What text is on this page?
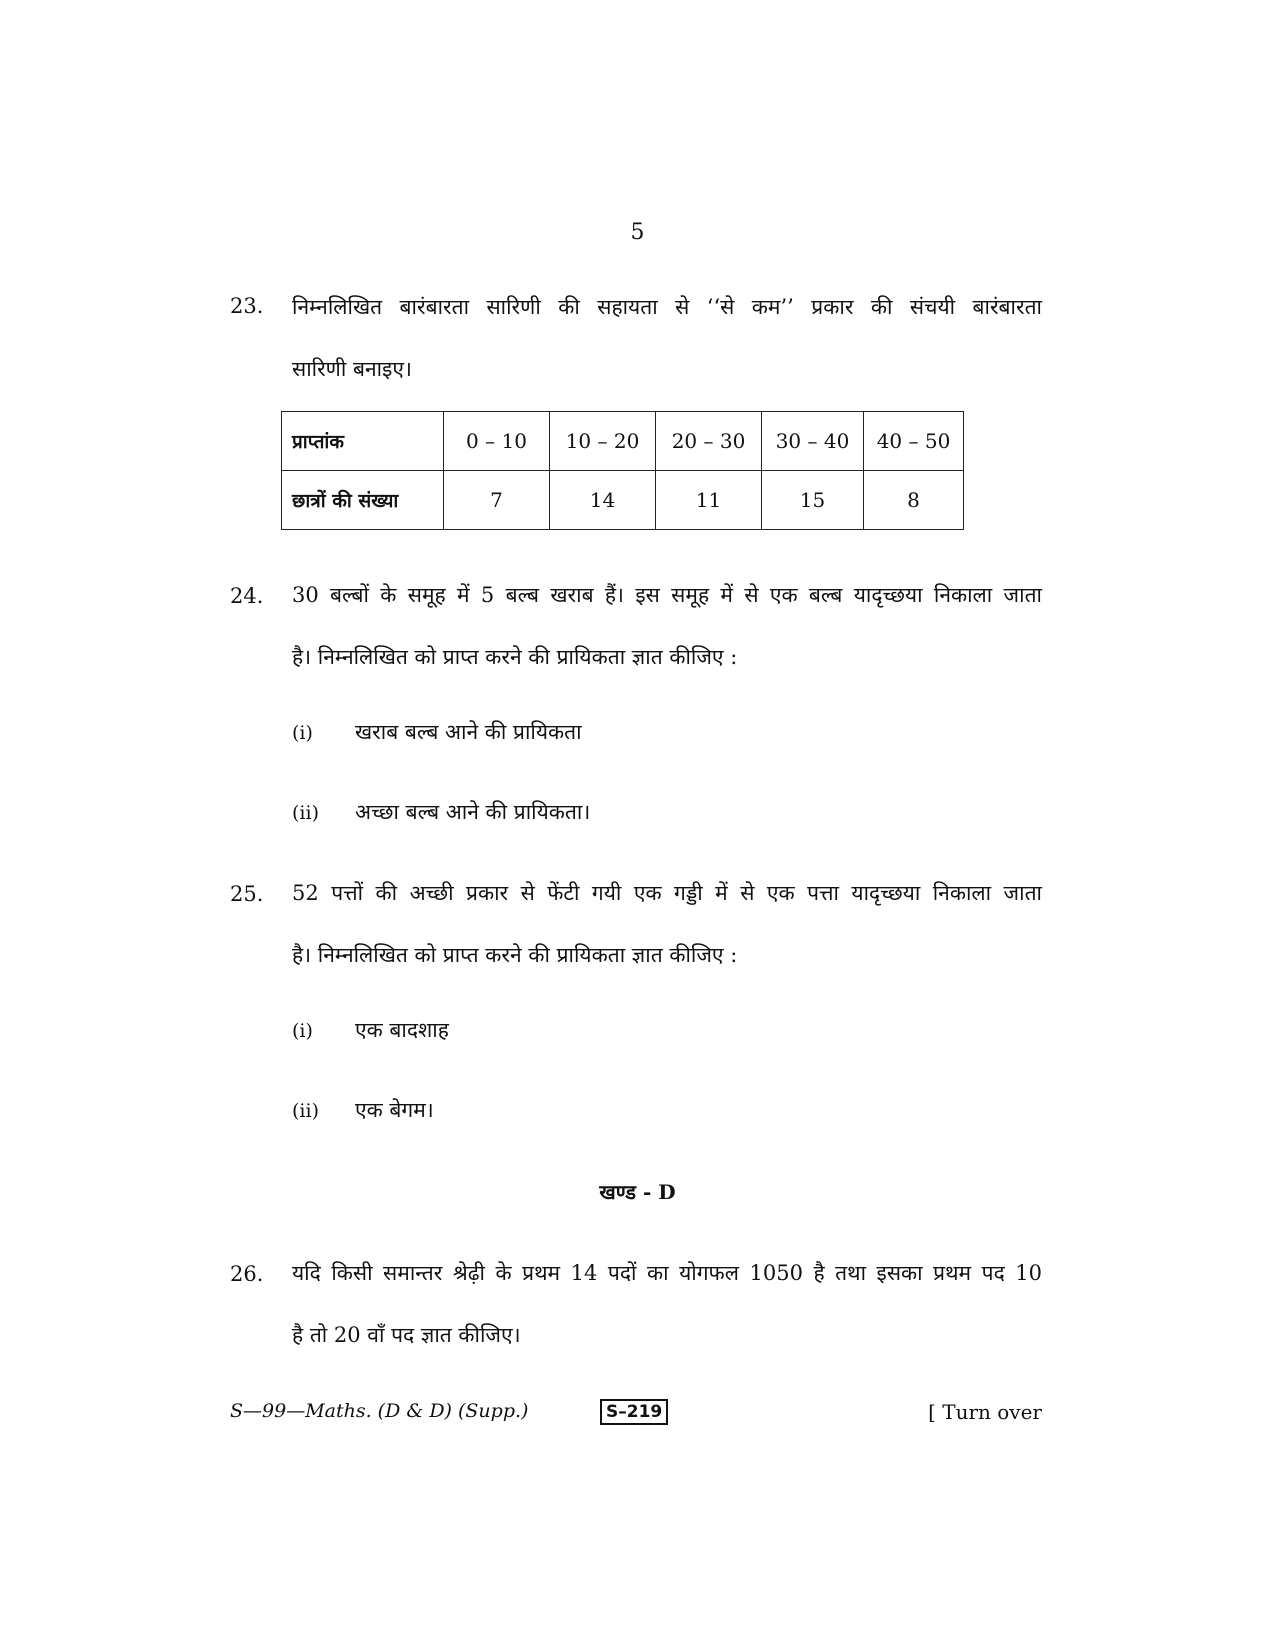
5
23.	निम्नलिखित बारंबारता सारिणी की सहायता से ‘‘से कम’’ प्रकार की संचयी बारंबारता
सारिणी बनाइए।
प्राप्तांक	0 – 10	10 – 20	20 – 30	30 – 40	40 – 50
छात्रों की संख्या	7	14	11	15	8
24.	30 बल्बों के समूह में 5 बल्ब खराब हैं। इस समूह में से एक बल्ब यादृच्छया निकाला जाता
है। निम्नलिखित को प्राप्त करने की प्रायिकता ज्ञात कीजिए :
(i) खराब बल्ब आने की प्रायिकता
(ii) अच्छा बल्ब आने की प्रायिकता।
25.	52 पत्तों की अच्छी प्रकार से फेंटी गयी एक गड्डी में से एक पत्ता यादृच्छया निकाला जाता
है। निम्नलिखित को प्राप्त करने की प्रायिकता ज्ञात कीजिए :
(i) एक बादशाह
(ii) एक बेगम।
खण्ड - D
26.	यदि किसी समान्तर श्रेढ़ी के प्रथम 14 पदों का योगफल 1050 है तथा इसका प्रथम पद 10
है तो 20 वाँ पद ज्ञात कीजिए।
S—99—Maths. (D & D) (Supp.)	S–219	[ Turn over
